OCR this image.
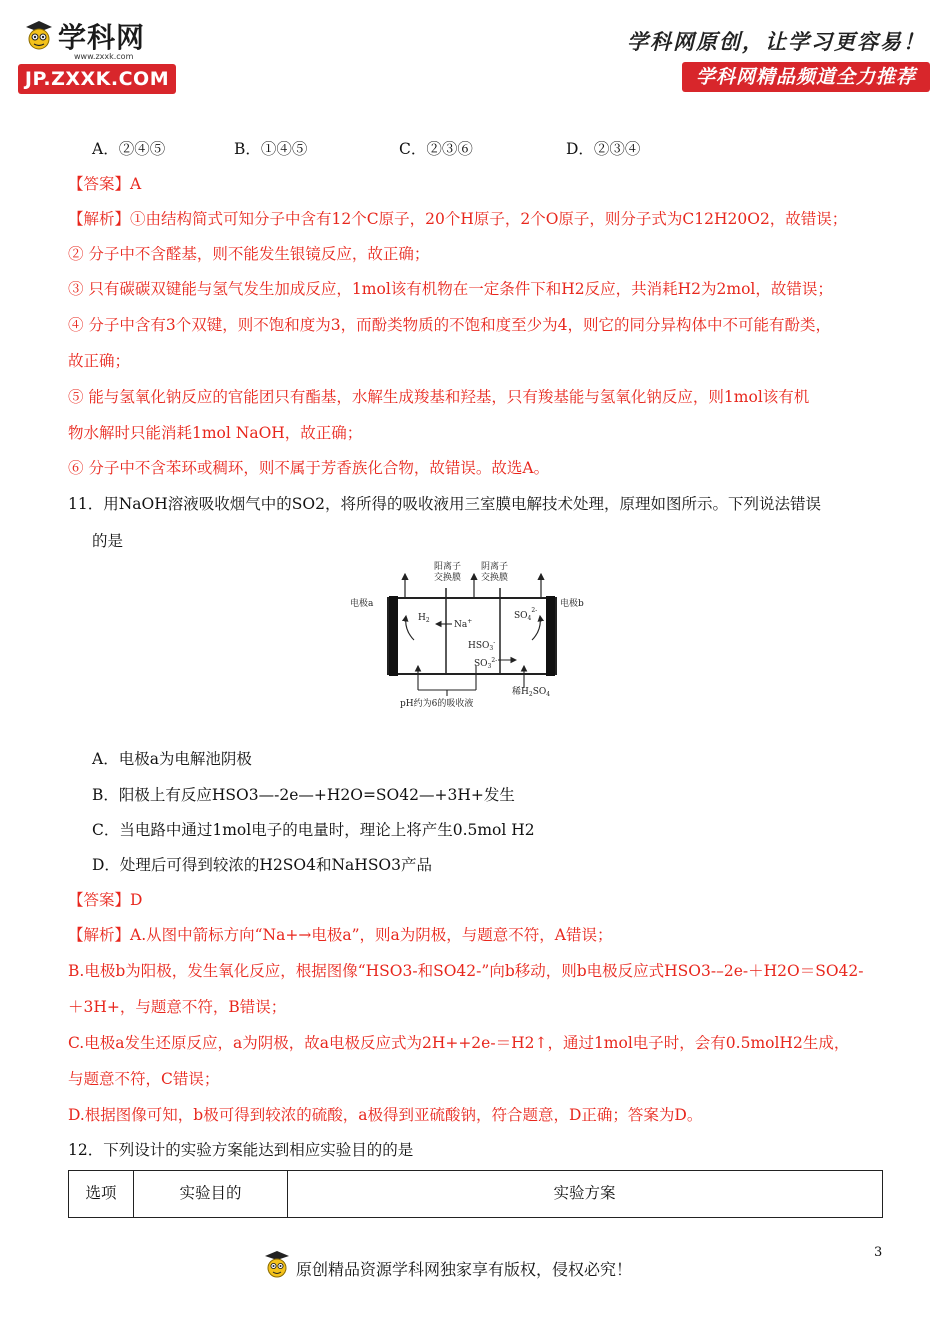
学科网
www.zxxk.com
JP.ZXXK.COM
学科网原创，让学习更容易！
学科网精品频道全力推荐
A．②④⑤	B．①④⑤	C．②③⑥	D．②③④
【答案】A
【解析】①由结构简式可知分子中含有12个C原子，20个H原子，2个O原子，则分子式为C12H20O2，故错误；
② 分子中不含醛基，则不能发生银镜反应，故正确；
③ 只有碳碳双键能与氢气发生加成反应，1mol该有机物在一定条件下和H2反应，共消耗H2为2mol，故错误；
④ 分子中含有3个双键，则不饱和度为3，而酚类物质的不饱和度至少为4，则它的同分异构体中不可能有酚类，
故正确；
⑤ 能与氢氧化钠反应的官能团只有酯基，水解生成羧基和羟基，只有羧基能与氢氧化钠反应，则1mol该有机
物水解时只能消耗1mol NaOH，故正确；
⑥ 分子中不含苯环或稠环，则不属于芳香族化合物，故错误。故选A。
11．用NaOH溶液吸收烟气中的SO2，将所得的吸收液用三室膜电解技术处理，原理如图所示。下列说法错误
的是
阳离子
交换膜
阴离子
交换膜
电极a	电极b
$H_2$	Na+
$HSO_3^-$
$SO_3^{2-}$
$SO_4^{2-}$
稀$H_2SO_4$
pH约为6的吸收液
A．电极a为电解池阴极
B．阳极上有反应HSO3—-2e—+H2O=SO42—+3H+发生
C．当电路中通过1mol电子的电量时，理论上将产生0.5mol H2
D．处理后可得到较浓的H2SO4和NaHSO3产品
【答案】D
【解析】A.从图中箭标方向“Na+→电极a”，则a为阴极，与题意不符，A错误；
B.电极b为阳极，发生氧化反应，根据图像“HSO3-和SO42-”向b移动，则b电极反应式HSO3-–2e-＋H2O＝SO42-
＋3H+，与题意不符，B错误；
C.电极a发生还原反应，a为阴极，故a电极反应式为2H++2e-＝H2↑，通过1mol电子时，会有0.5molH2生成，
与题意不符，C错误；
D.根据图像可知，b极可得到较浓的硫酸，a极得到亚硫酸钠，符合题意，D正确；答案为D。
12．下列设计的实验方案能达到相应实验目的的是
选项	实验目的	实验方案
3
原创精品资源学科网独家享有版权，侵权必究！
